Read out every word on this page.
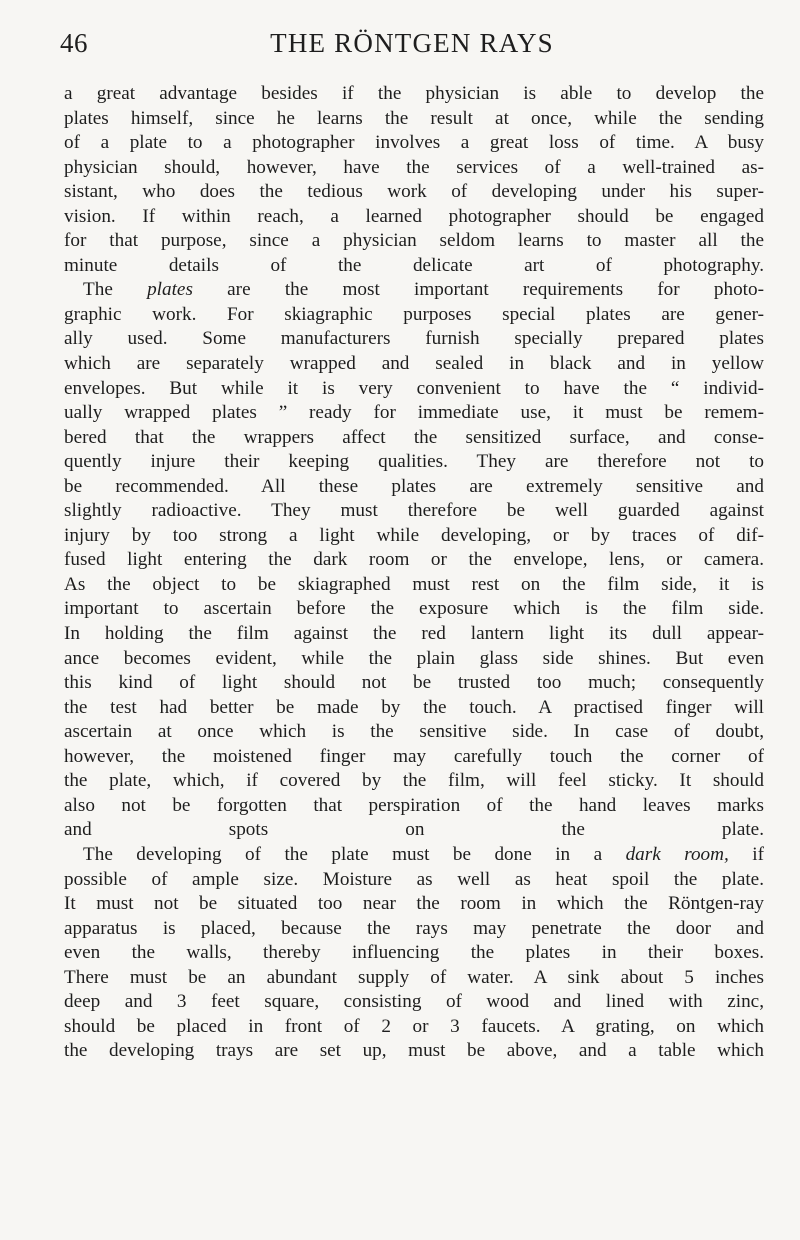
46	THE RÖNTGEN RAYS
a great advantage besides if the physician is able to develop the
plates himself, since he learns the result at once, while the sending
of a plate to a photographer involves a great loss of time. A busy
physician should, however, have the services of a well-trained as-
sistant, who does the tedious work of developing under his super-
vision. If within reach, a learned photographer should be engaged
for that purpose, since a physician seldom learns to master all the
minute details of the delicate art of photography.
The plates are the most important requirements for photo-
graphic work. For skiagraphic purposes special plates are gener-
ally used. Some manufacturers furnish specially prepared plates
which are separately wrapped and sealed in black and in yellow
envelopes. But while it is very convenient to have the “ individ-
ually wrapped plates ” ready for immediate use, it must be remem-
bered that the wrappers affect the sensitized surface, and conse-
quently injure their keeping qualities. They are therefore not to
be recommended. All these plates are extremely sensitive and
slightly radioactive. They must therefore be well guarded against
injury by too strong a light while developing, or by traces of dif-
fused light entering the dark room or the envelope, lens, or camera.
As the object to be skiagraphed must rest on the film side, it is
important to ascertain before the exposure which is the film side.
In holding the film against the red lantern light its dull appear-
ance becomes evident, while the plain glass side shines. But even
this kind of light should not be trusted too much; consequently
the test had better be made by the touch. A practised finger will
ascertain at once which is the sensitive side. In case of doubt,
however, the moistened finger may carefully touch the corner of
the plate, which, if covered by the film, will feel sticky. It should
also not be forgotten that perspiration of the hand leaves marks
and spots on the plate.
The developing of the plate must be done in a dark room, if
possible of ample size. Moisture as well as heat spoil the plate.
It must not be situated too near the room in which the Röntgen-ray
apparatus is placed, because the rays may penetrate the door and
even the walls, thereby influencing the plates in their boxes.
There must be an abundant supply of water. A sink about 5 inches
deep and 3 feet square, consisting of wood and lined with zinc,
should be placed in front of 2 or 3 faucets. A grating, on which
the developing trays are set up, must be above, and a table which
